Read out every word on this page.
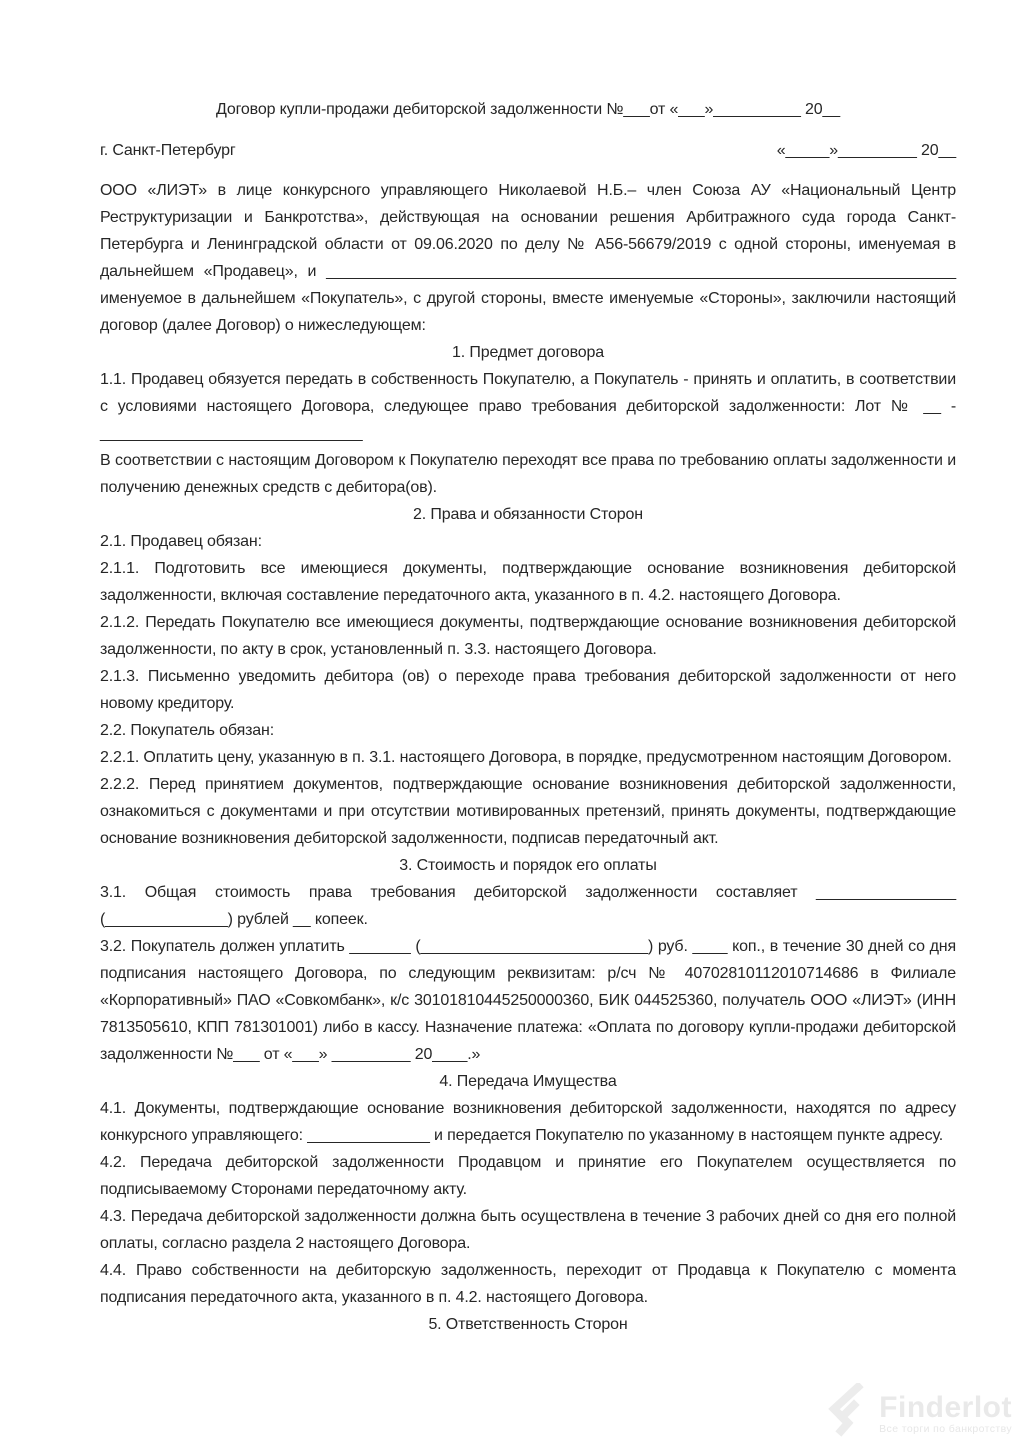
Договор купли-продажи дебиторской задолженности №___от «___»__________ 20__
г. Санкт-Петербург	«_____»_________ 20__
ООО «ЛИЭТ» в лице конкурсного управляющего Николаевой Н.Б.– член Союза АУ «Национальный Центр Реструктуризации и Банкротства», действующая на основании решения Арбитражного суда города Санкт-Петербурга и Ленинградской области от 09.06.2020 по делу № А56-56679/2019 с одной стороны, именуемая в дальнейшем «Продавец», и ________________________________________________________________________ именуемое в дальнейшем «Покупатель», с другой стороны, вместе именуемые «Стороны», заключили настоящий договор (далее Договор) о нижеследующем:
1. Предмет договора
1.1. Продавец обязуется передать в собственность Покупателю, а Покупатель - принять и оплатить, в соответствии с условиями настоящего Договора, следующее право требования дебиторской задолженности: Лот № __ -______________________________
В соответствии с настоящим Договором к Покупателю переходят все права по требованию оплаты задолженности и получению денежных средств с дебитора(ов).
2. Права и обязанности Сторон
2.1. Продавец обязан:
2.1.1. Подготовить все имеющиеся документы, подтверждающие основание возникновения дебиторской задолженности, включая составление передаточного акта, указанного в п. 4.2. настоящего Договора.
2.1.2. Передать Покупателю все имеющиеся документы, подтверждающие основание возникновения дебиторской задолженности, по акту в срок, установленный п. 3.3. настоящего Договора.
2.1.3. Письменно уведомить дебитора (ов) о переходе права требования дебиторской задолженности от него новому кредитору.
2.2. Покупатель обязан:
2.2.1. Оплатить цену, указанную в п. 3.1. настоящего Договора, в порядке, предусмотренном настоящим Договором.
2.2.2. Перед принятием документов, подтверждающие основание возникновения дебиторской задолженности, ознакомиться с документами и при отсутствии мотивированных претензий, принять документы, подтверждающие основание возникновения дебиторской задолженности, подписав передаточный акт.
3. Стоимость и порядок его оплаты
3.1. Общая стоимость права требования дебиторской задолженности составляет ________________ (______________) рублей __ копеек.
3.2. Покупатель должен уплатить _______ (__________________________) руб. ____ коп., в течение 30 дней со дня подписания настоящего Договора, по следующим реквизитам: р/сч № 40702810112010714686 в Филиале «Корпоративный» ПАО «Совкомбанк», к/с 30101810445250000360, БИК 044525360, получатель ООО «ЛИЭТ» (ИНН 7813505610, КПП 781301001) либо в кассу. Назначение платежа: «Оплата по договору купли-продажи дебиторской задолженности №___ от «___» _________ 20____.»
4. Передача Имущества
4.1. Документы, подтверждающие основание возникновения дебиторской задолженности, находятся по адресу конкурсного управляющего: ______________ и передается Покупателю по указанному в настоящем пункте адресу.
4.2. Передача дебиторской задолженности Продавцом и принятие его Покупателем осуществляется по подписываемому Сторонами передаточному акту.
4.3. Передача дебиторской задолженности должна быть осуществлена в течение 3 рабочих дней со дня его полной оплаты, согласно раздела 2 настоящего Договора.
4.4. Право собственности на дебиторскую задолженность, переходит от Продавца к Покупателю с момента подписания передаточного акта, указанного в п. 4.2. настоящего Договора.
5. Ответственность Сторон
Finderlot
Все торги по банкротству
